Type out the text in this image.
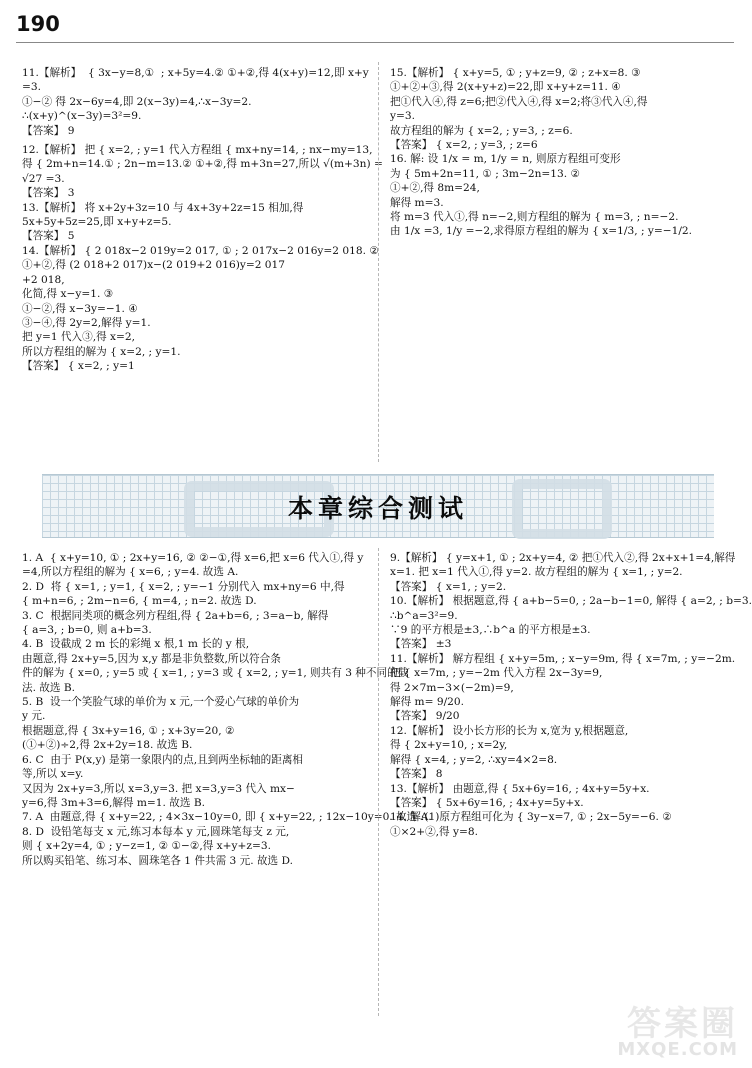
190
11.【解析】  { 3x−y=8,①  ; x+5y=4.② ①+②,得 4(x+y)=12,即 x+y
=3.
①−② 得 2x−6y=4,即 2(x−3y)=4,∴x−3y=2.
∴(x+y)^(x−3y)=3²=9.
【答案】 9
12.【解析】 把 { x=2, ; y=1 代入方程组 { mx+ny=14, ; nx−my=13,
得 { 2m+n=14.① ; 2n−m=13.② ①+②,得 m+3n=27,所以 √(m+3n) =
√27 =3.
【答案】 3
13.【解析】 将 x+2y+3z=10 与 4x+3y+2z=15 相加,得
5x+5y+5z=25,即 x+y+z=5.
【答案】 5
14.【解析】 { 2 018x−2 019y=2 017, ① ; 2 017x−2 016y=2 018. ②
①+②,得 (2 018+2 017)x−(2 019+2 016)y=2 017
+2 018,
化简,得 x−y=1. ③
①−②,得 x−3y=−1. ④
③−④,得 2y=2,解得 y=1.
把 y=1 代入③,得 x=2,
所以方程组的解为 { x=2, ; y=1.
【答案】 { x=2, ; y=1
15.【解析】 { x+y=5, ① ; y+z=9, ② ; z+x=8. ③
①+②+③,得 2(x+y+z)=22,即 x+y+z=11. ④
把①代入④,得 z=6;把②代入④,得 x=2;将③代入④,得
y=3.
故方程组的解为 { x=2, ; y=3, ; z=6.
【答案】 { x=2, ; y=3, ; z=6
16. 解: 设 1/x = m, 1/y = n, 则原方程组可变形
为 { 5m+2n=11, ① ; 3m−2n=13. ②
①+②,得 8m=24,
解得 m=3.
将 m=3 代入①,得 n=−2,则方程组的解为 { m=3, ; n=−2.
由 1/x =3, 1/y =−2,求得原方程组的解为 { x=1/3, ; y=−1/2.
本章综合测试
1. A  { x+y=10, ① ; 2x+y=16, ② ②−①,得 x=6,把 x=6 代入①,得 y
=4,所以方程组的解为 { x=6, ; y=4. 故选 A.
2. D  将 { x=1, ; y=1, { x=2, ; y=−1 分别代入 mx+ny=6 中,得
{ m+n=6, ; 2m−n=6, { m=4, ; n=2. 故选 D.
3. C  根据同类项的概念列方程组,得 { 2a+b=6, ; 3=a−b, 解得
{ a=3, ; b=0, 则 a+b=3.
4. B  设截成 2 m 长的彩绳 x 根,1 m 长的 y 根,
由题意,得 2x+y=5,因为 x,y 都是非负整数,所以符合条
件的解为 { x=0, ; y=5 或 { x=1, ; y=3 或 { x=2, ; y=1, 则共有 3 种不同的截
法. 故选 B.
5. B  设一个笑脸气球的单价为 x 元,一个爱心气球的单价为
y 元.
根据题意,得 { 3x+y=16, ① ; x+3y=20, ②
(①+②)÷2,得 2x+2y=18. 故选 B.
6. C  由于 P(x,y) 是第一象限内的点,且到两坐标轴的距离相
等,所以 x=y.
又因为 2x+y=3,所以 x=3,y=3. 把 x=3,y=3 代入 mx−
y=6,得 3m+3=6,解得 m=1. 故选 B.
7. A  由题意,得 { x+y=22, ; 4×3x−10y=0, 即 { x+y=22, ; 12x−10y=0. 故选 A.
8. D  设铅笔每支 x 元,练习本每本 y 元,圆珠笔每支 z 元,
则 { x+2y=4, ① ; y−z=1, ② ①−②,得 x+y+z=3.
所以购买铅笔、练习本、圆珠笔各 1 件共需 3 元. 故选 D.
9.【解析】 { y=x+1, ① ; 2x+y=4, ② 把①代入②,得 2x+x+1=4,解得
x=1. 把 x=1 代入①,得 y=2. 故方程组的解为 { x=1, ; y=2.
【答案】 { x=1, ; y=2.
10.【解析】 根据题意,得 { a+b−5=0, ; 2a−b−1=0, 解得 { a=2, ; b=3.
∴b^a=3²=9.
∵9 的平方根是±3,∴b^a 的平方根是±3.
【答案】 ±3
11.【解析】 解方程组 { x+y=5m, ; x−y=9m, 得 { x=7m, ; y=−2m.
把 { x=7m, ; y=−2m 代入方程 2x−3y=9,
得 2×7m−3×(−2m)=9,
解得 m= 9/20.
【答案】 9/20
12.【解析】 设小长方形的长为 x,宽为 y,根据题意,
得 { 2x+y=10, ; x=2y,
解得 { x=4, ; y=2, ∴xy=4×2=8.
【答案】 8
13.【解析】 由题意,得 { 5x+6y=16, ; 4x+y=5y+x.
【答案】 { 5x+6y=16, ; 4x+y=5y+x.
14. 解:(1)原方程组可化为 { 3y−x=7, ① ; 2x−5y=−6. ②
①×2+②,得 y=8.
答案圈
MXQE.COM
